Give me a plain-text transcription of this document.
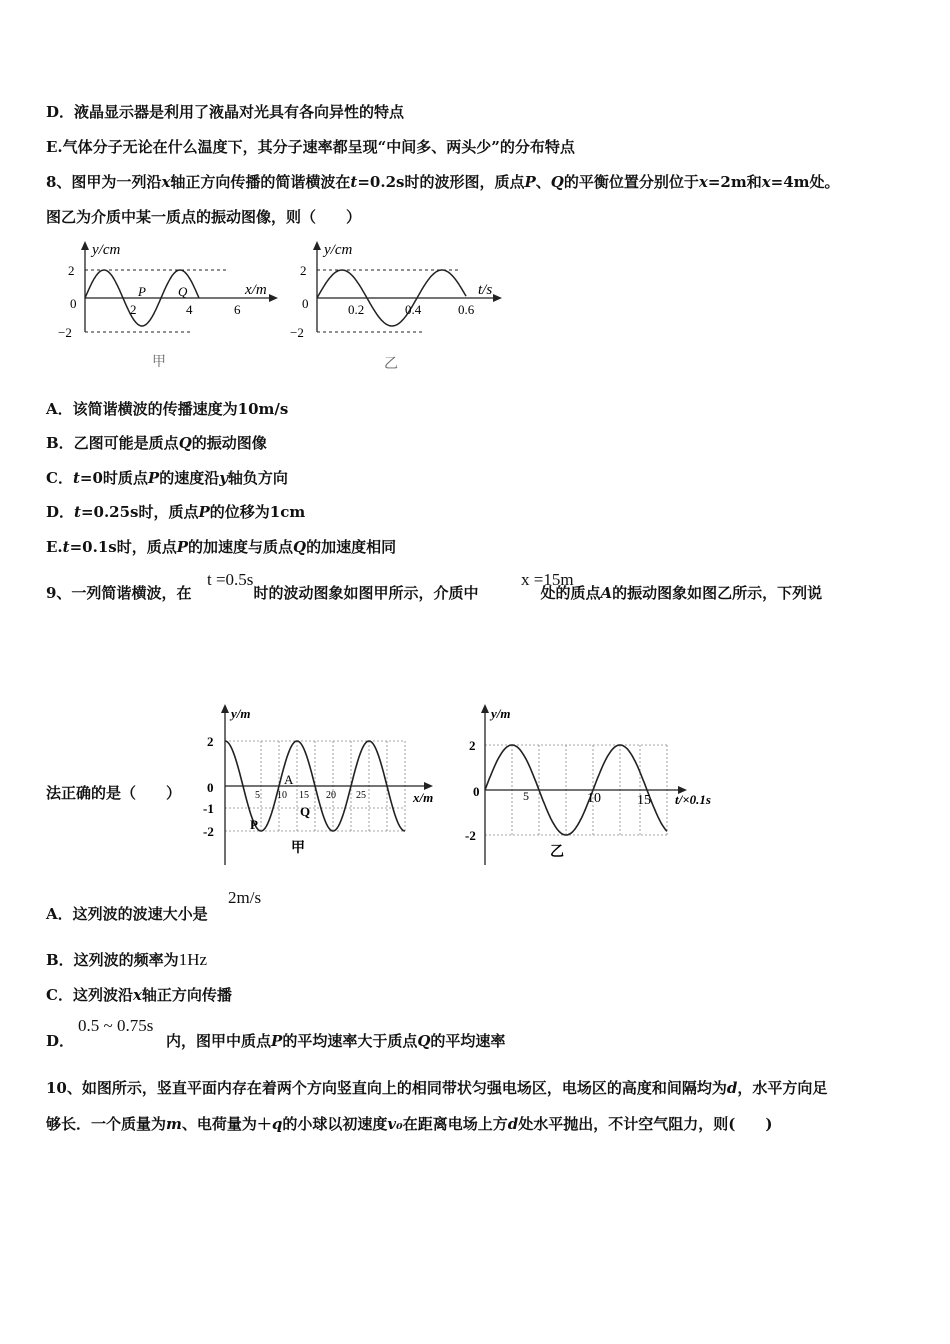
D．液晶显示器是利用了液晶对光具有各向异性的特点
E.气体分子无论在什么温度下，其分子速率都呈现“中间多、两头少”的分布特点
8、图甲为一列沿x轴正方向传播的简谐横波在t=0.2s时的波形图，质点P、Q的平衡位置分别位于x=2m和x=4m处。
图乙为介质中某一质点的振动图像，则（　　）
y/cm
x/m
2
−2
0	2	4	6
P Q
甲
y/cm
t/s
2
−2
0	0.2	0.4	0.6
乙
A．该简谐横波的传播速度为10m/s
B．乙图可能是质点Q的振动图像
C．t=0时质点P的速度沿y轴负方向
D．t=0.25s时，质点P的位移为1cm
E.t=0.1s时，质点P的加速度与质点Q的加速度相同
9、一列简谐横波，在	时的波动图象如图甲所示，介质中	处的质点A的振动图象如图乙所示，下列说
t =0.5s	x =15m
法正确的是（　　）
y/m
x/m
2
0
-1
-2
5 10 15 20 25
A
P
Q
甲
y/m
t/×0.1s
2
0
-2
5	10	15
乙
A．这列波的波速大小是
2m/s
B．这列波的频率为1Hz
C．这列波沿x轴正方向传播
D．	内，图甲中质点P的平均速率大于质点Q的平均速率
0.5 ~ 0.75s
10、如图所示，竖直平面内存在着两个方向竖直向上的相同带状匀强电场区，电场区的高度和间隔均为d，水平方向足
够长．一个质量为m、电荷量为＋q的小球以初速度v₀在距离电场上方d处水平抛出，不计空气阻力，则(　　)
